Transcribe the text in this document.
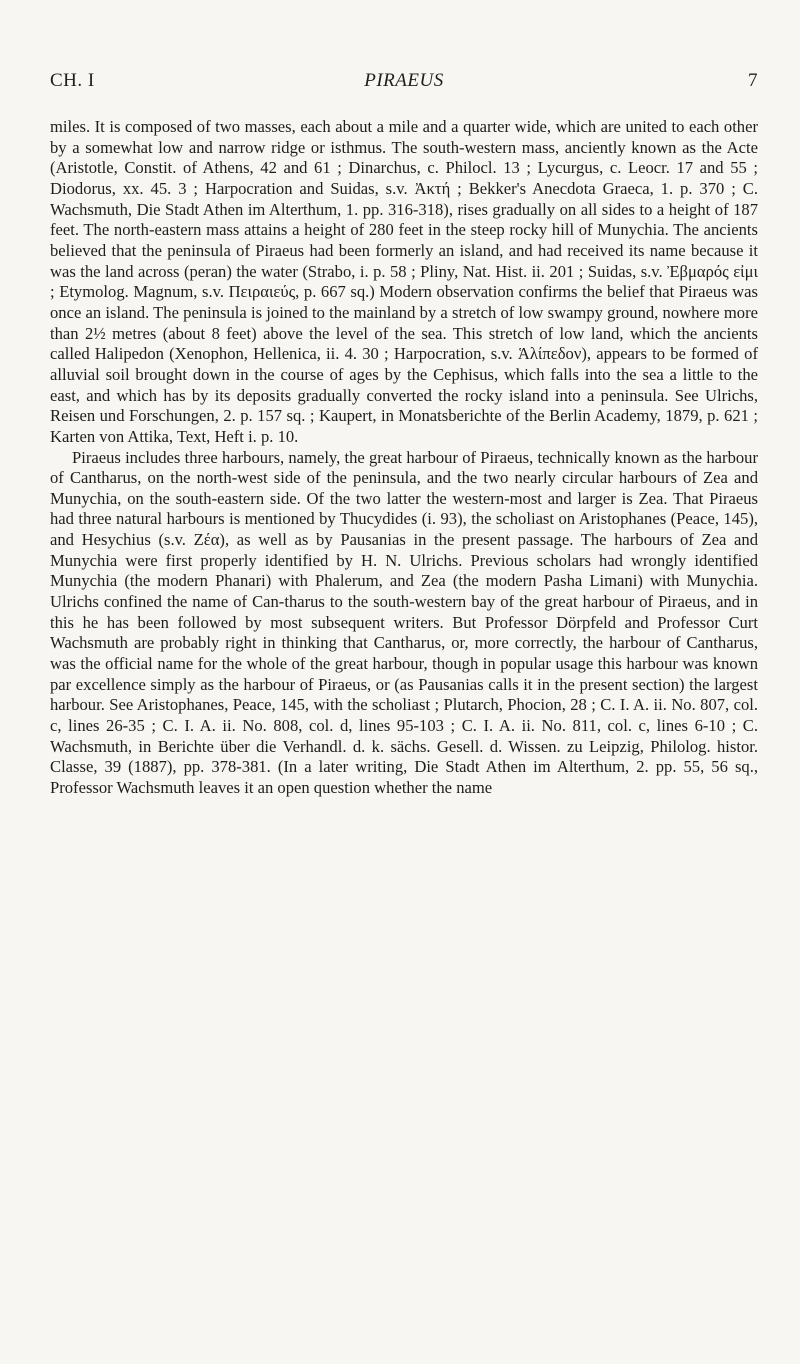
CH. I	PIRAEUS	7

miles. It is composed of two masses, each about a mile and a quarter wide, which are united to each other by a somewhat low and narrow ridge or isthmus. The south-western mass, anciently known as the Acte (Aristotle, Constit. of Athens, 42 and 61 ; Dinarchus, c. Philocl. 13 ; Lycurgus, c. Leocr. 17 and 55 ; Diodorus, xx. 45. 3 ; Harpocration and Suidas, s.v. Ἀκτή ; Bekker's Anecdota Graeca, 1. p. 370 ; C. Wachsmuth, Die Stadt Athen im Alterthum, 1. pp. 316-318), rises gradually on all sides to a height of 187 feet. The north-eastern mass attains a height of 280 feet in the steep rocky hill of Munychia. The ancients believed that the peninsula of Piraeus had been formerly an island, and had received its name because it was the land across (peran) the water (Strabo, i. p. 58 ; Pliny, Nat. Hist. ii. 201 ; Suidas, s.v. Ἐβμαρός εἰμι ; Etymolog. Magnum, s.v. Πειραιεύς, p. 667 sq.) Modern observation confirms the belief that Piraeus was once an island. The peninsula is joined to the mainland by a stretch of low swampy ground, nowhere more than 2½ metres (about 8 feet) above the level of the sea. This stretch of low land, which the ancients called Halipedon (Xenophon, Hellenica, ii. 4. 30 ; Harpocration, s.v. Ἁλίπεδον), appears to be formed of alluvial soil brought down in the course of ages by the Cephisus, which falls into the sea a little to the east, and which has by its deposits gradually converted the rocky island into a peninsula. See Ulrichs, Reisen und Forschungen, 2. p. 157 sq. ; Kaupert, in Monatsberichte of the Berlin Academy, 1879, p. 621 ; Karten von Attika, Text, Heft i. p. 10.

Piraeus includes three harbours, namely, the great harbour of Piraeus, technically known as the harbour of Cantharus, on the north-west side of the peninsula, and the two nearly circular harbours of Zea and Munychia, on the south-eastern side. Of the two latter the western-most and larger is Zea. That Piraeus had three natural harbours is mentioned by Thucydides (i. 93), the scholiast on Aristophanes (Peace, 145), and Hesychius (s.v. Ζέα), as well as by Pausanias in the present passage. The harbours of Zea and Munychia were first properly identified by H. N. Ulrichs. Previous scholars had wrongly identified Munychia (the modern Phanari) with Phalerum, and Zea (the modern Pasha Limani) with Munychia. Ulrichs confined the name of Can-tharus to the south-western bay of the great harbour of Piraeus, and in this he has been followed by most subsequent writers. But Professor Dörpfeld and Professor Curt Wachsmuth are probably right in thinking that Cantharus, or, more correctly, the harbour of Cantharus, was the official name for the whole of the great harbour, though in popular usage this harbour was known par excellence simply as the harbour of Piraeus, or (as Pausanias calls it in the present section) the largest harbour. See Aristophanes, Peace, 145, with the scholiast ; Plutarch, Phocion, 28 ; C. I. A. ii. No. 807, col. c, lines 26-35 ; C. I. A. ii. No. 808, col. d, lines 95-103 ; C. I. A. ii. No. 811, col. c, lines 6-10 ; C. Wachsmuth, in Berichte über die Verhandl. d. k. sächs. Gesell. d. Wissen. zu Leipzig, Philolog. histor. Classe, 39 (1887), pp. 378-381. (In a later writing, Die Stadt Athen im Alterthum, 2. pp. 55, 56 sq., Professor Wachsmuth leaves it an open question whether the name
